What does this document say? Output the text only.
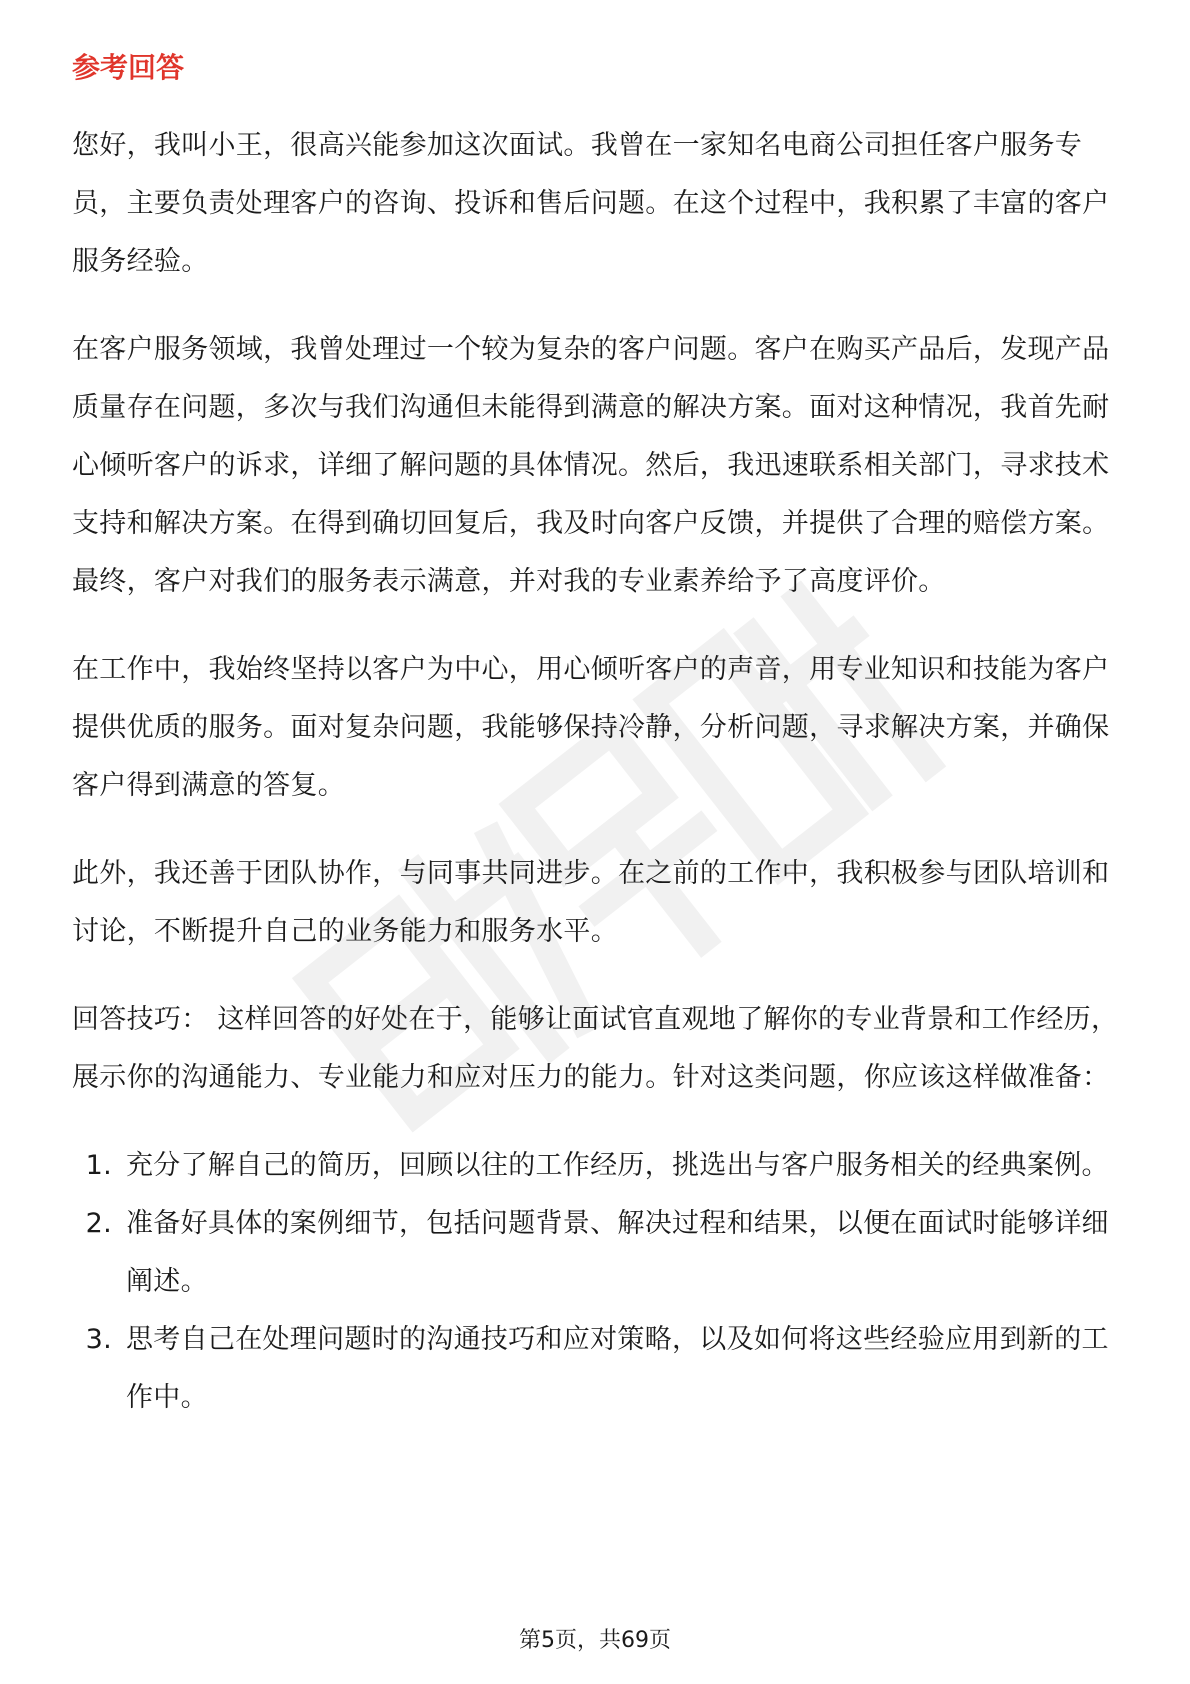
参考回答

您好，我叫小王，很高兴能参加这次面试。我曾在一家知名电商公司担任客户服务专员，主要负责处理客户的咨询、投诉和售后问题。在这个过程中，我积累了丰富的客户服务经验。

在客户服务领域，我曾处理过一个较为复杂的客户问题。客户在购买产品后，发现产品质量存在问题，多次与我们沟通但未能得到满意的解决方案。面对这种情况，我首先耐心倾听客户的诉求，详细了解问题的具体情况。然后，我迅速联系相关部门，寻求技术支持和解决方案。在得到确切回复后，我及时向客户反馈，并提供了合理的赔偿方案。最终，客户对我们的服务表示满意，并对我的专业素养给予了高度评价。

在工作中，我始终坚持以客户为中心，用心倾听客户的声音，用专业知识和技能为客户提供优质的服务。面对复杂问题，我能够保持冷静，分析问题，寻求解决方案，并确保客户得到满意的答复。

此外，我还善于团队协作，与同事共同进步。在之前的工作中，我积极参与团队培训和讨论，不断提升自己的业务能力和服务水平。

回答技巧： 这样回答的好处在于，能够让面试官直观地了解你的专业背景和工作经历，展示你的沟通能力、专业能力和应对压力的能力。针对这类问题，你应该这样做准备：

1. 充分了解自己的简历，回顾以往的工作经历，挑选出与客户服务相关的经典案例。
2. 准备好具体的案例细节，包括问题背景、解决过程和结果，以便在面试时能够详细阐述。
3. 思考自己在处理问题时的沟通技巧和应对策略，以及如何将这些经验应用到新的工作中。
第5页，共69页
